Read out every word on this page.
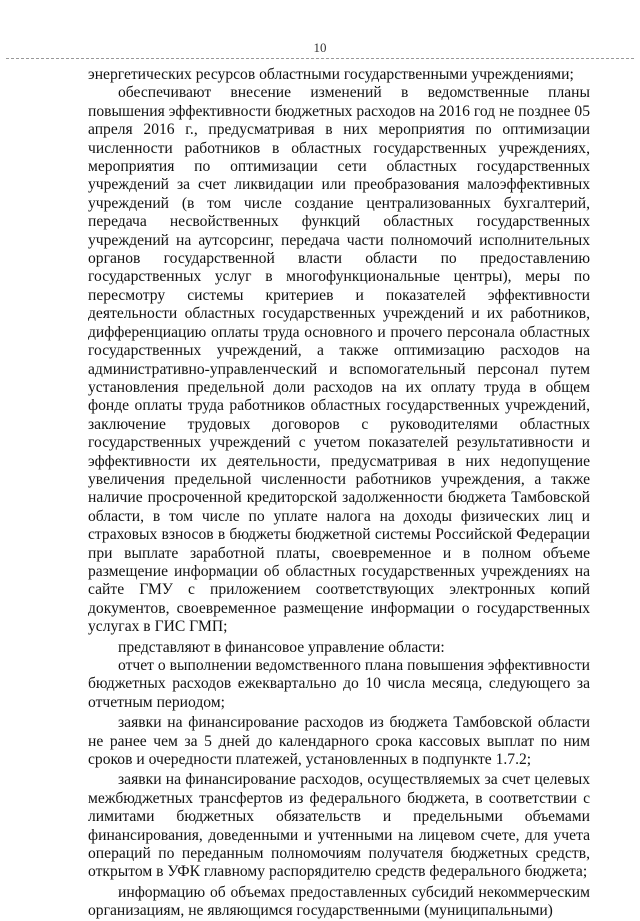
10

энергетических ресурсов областными государственными учреждениями;

обеспечивают внесение изменений в ведомственные планы повышения эффективности бюджетных расходов на 2016 год не позднее 05 апреля 2016 г., предусматривая в них мероприятия по оптимизации численности работников в областных государственных учреждениях, мероприятия по оптимизации сети областных государственных учреждений за счет ликвидации или преобразования малоэффективных учреждений (в том числе создание централизованных бухгалтерий, передача несвойственных функций областных государственных учреждений на аутсорсинг, передача части полномочий исполнительных органов государственной власти области по предоставлению государственных услуг в многофункциональные центры), меры по пересмотру системы критериев и показателей эффективности деятельности областных государственных учреждений и их работников, дифференциацию оплаты труда основного и прочего персонала областных государственных учреждений, а также оптимизацию расходов на административно-управленческий и вспомогательный персонал путем установления предельной доли расходов на их оплату труда в общем фонде оплаты труда работников областных государственных учреждений, заключение трудовых договоров с руководителями областных государственных учреждений с учетом показателей результативности и эффективности их деятельности, предусматривая в них недопущение увеличения предельной численности работников учреждения, а также наличие просроченной кредиторской задолженности бюджета Тамбовской области, в том числе по уплате налога на доходы физических лиц и страховых взносов в бюджеты бюджетной системы Российской Федерации при выплате заработной платы, своевременное и в полном объеме размещение информации об областных государственных учреждениях на сайте ГМУ с приложением соответствующих электронных копий документов, своевременное размещение информации о государственных услугах в ГИС ГМП;

представляют в финансовое управление области:

отчет о выполнении ведомственного плана повышения эффективности бюджетных расходов ежеквартально до 10 числа месяца, следующего за отчетным периодом;

заявки на финансирование расходов из бюджета Тамбовской области не ранее чем за 5 дней до календарного срока кассовых выплат по ним сроков и очередности платежей, установленных в подпункте 1.7.2;

заявки на финансирование расходов, осуществляемых за счет целевых межбюджетных трансфертов из федерального бюджета, в соответствии с лимитами бюджетных обязательств и предельными объемами финансирования, доведенными и учтенными на лицевом счете, для учета операций по переданным полномочиям получателя бюджетных средств, открытом в УФК главному распорядителю средств федерального бюджета;

информацию об объемах предоставленных субсидий некоммерческим организациям, не являющимся государственными (муниципальными)
